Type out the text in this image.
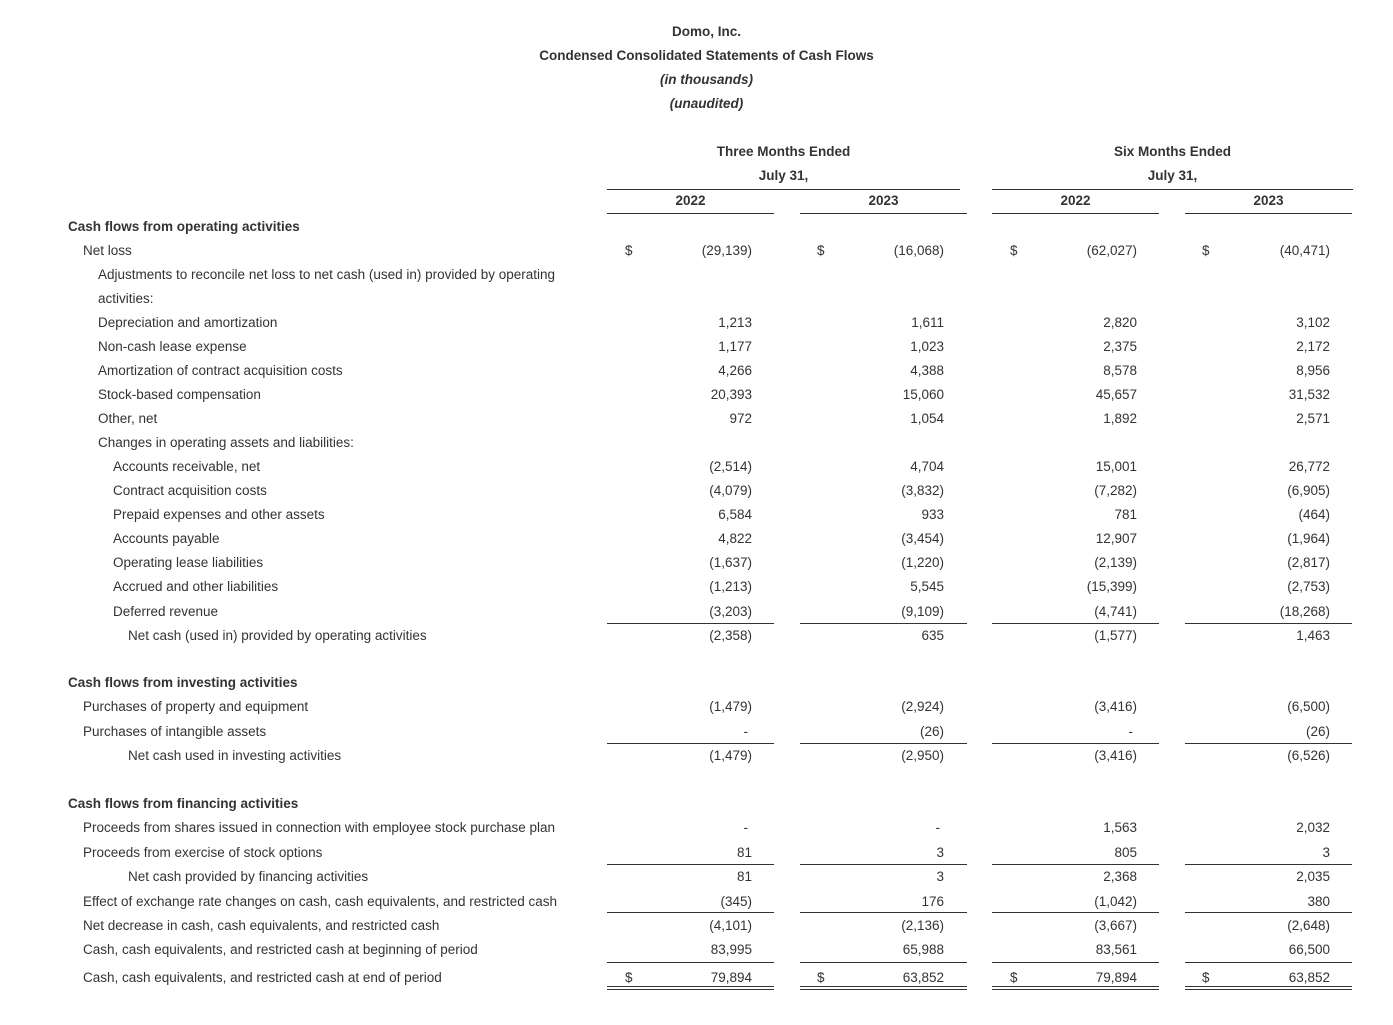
Domo, Inc.
Condensed Consolidated Statements of Cash Flows
(in thousands)
(unaudited)
Three Months Ended
July 31,
Six Months Ended
July 31,
2022	2023	2022	2023
Cash flows from operating activities
Net loss	$	(29,139)	$	(16,068)	$	(62,027)	$	(40,471)
Adjustments to reconcile net loss to net cash (used in) provided by operating
activities:
Depreciation and amortization	1,213	1,611	2,820	3,102
Non-cash lease expense	1,177	1,023	2,375	2,172
Amortization of contract acquisition costs	4,266	4,388	8,578	8,956
Stock-based compensation	20,393	15,060	45,657	31,532
Other, net	972	1,054	1,892	2,571
Changes in operating assets and liabilities:
Accounts receivable, net	(2,514)	4,704	15,001	26,772
Contract acquisition costs	(4,079)	(3,832)	(7,282)	(6,905)
Prepaid expenses and other assets	6,584	933	781	(464)
Accounts payable	4,822	(3,454)	12,907	(1,964)
Operating lease liabilities	(1,637)	(1,220)	(2,139)	(2,817)
Accrued and other liabilities	(1,213)	5,545	(15,399)	(2,753)
Deferred revenue	(3,203)	(9,109)	(4,741)	(18,268)
Net cash (used in) provided by operating activities	(2,358)	635	(1,577)	1,463
Cash flows from investing activities
Purchases of property and equipment	(1,479)	(2,924)	(3,416)	(6,500)
Purchases of intangible assets	-	(26)	-	(26)
Net cash used in investing activities	(1,479)	(2,950)	(3,416)	(6,526)
Cash flows from financing activities
Proceeds from shares issued in connection with employee stock purchase plan	-	-	1,563	2,032
Proceeds from exercise of stock options	81	3	805	3
Net cash provided by financing activities	81	3	2,368	2,035
Effect of exchange rate changes on cash, cash equivalents, and restricted cash	(345)	176	(1,042)	380
Net decrease in cash, cash equivalents, and restricted cash	(4,101)	(2,136)	(3,667)	(2,648)
Cash, cash equivalents, and restricted cash at beginning of period	83,995	65,988	83,561	66,500
Cash, cash equivalents, and restricted cash at end of period	$	79,894	$	63,852	$	79,894	$	63,852
